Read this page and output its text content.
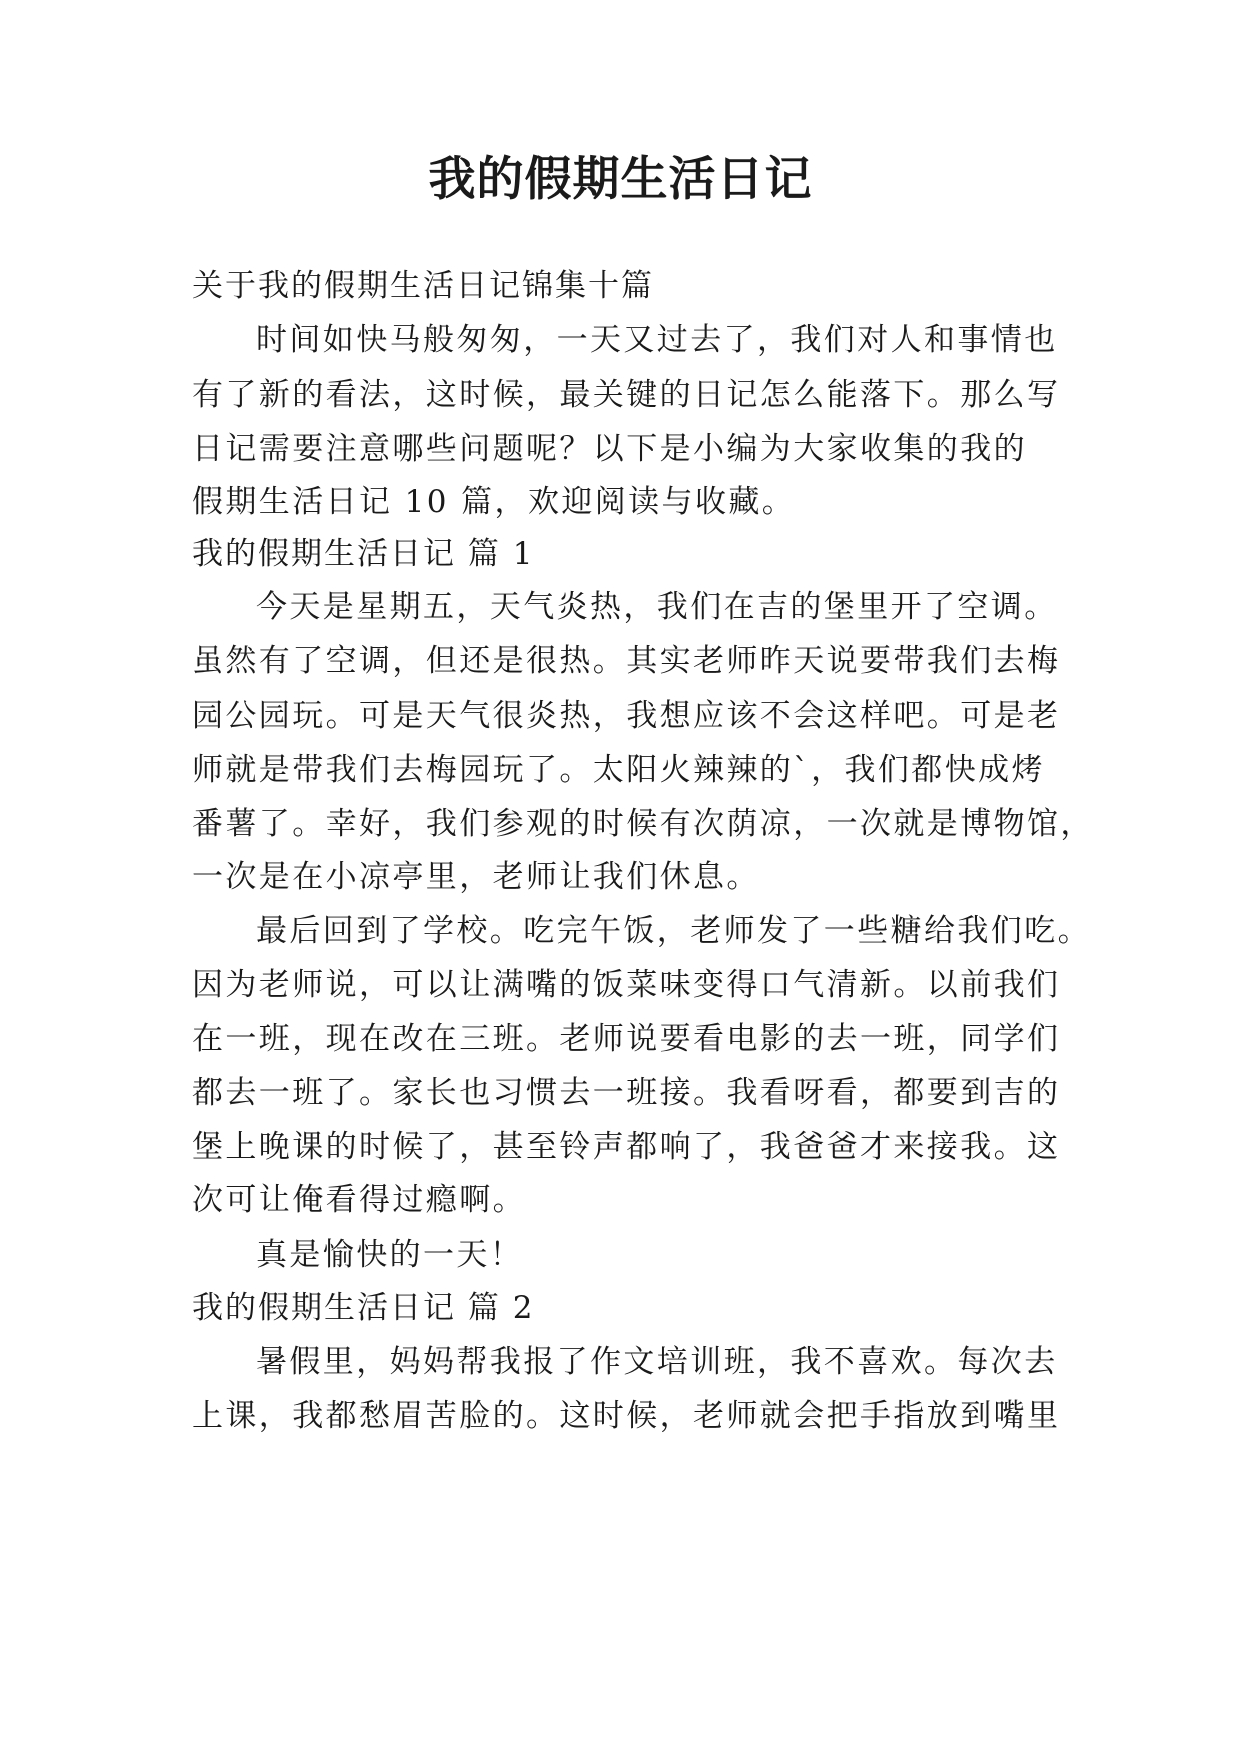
我的假期生活日记

关于我的假期生活日记锦集十篇

时间如快马般匆匆，一天又过去了，我们对人和事情也

有了新的看法，这时候，最关键的日记怎么能落下。那么写

日记需要注意哪些问题呢？以下是小编为大家收集的我的

假期生活日记 10 篇，欢迎阅读与收藏。

我的假期生活日记 篇 1

今天是星期五，天气炎热，我们在吉的堡里开了空调。

虽然有了空调，但还是很热。其实老师昨天说要带我们去梅

园公园玩。可是天气很炎热，我想应该不会这样吧。可是老

师就是带我们去梅园玩了。太阳火辣辣的`，我们都快成烤

番薯了。幸好，我们参观的时候有次荫凉，一次就是博物馆，

一次是在小凉亭里，老师让我们休息。

最后回到了学校。吃完午饭，老师发了一些糖给我们吃。

因为老师说，可以让满嘴的饭菜味变得口气清新。以前我们

在一班，现在改在三班。老师说要看电影的去一班，同学们

都去一班了。家长也习惯去一班接。我看呀看，都要到吉的

堡上晚课的时候了，甚至铃声都响了，我爸爸才来接我。这

次可让俺看得过瘾啊。

真是愉快的一天！

我的假期生活日记 篇 2

暑假里，妈妈帮我报了作文培训班，我不喜欢。每次去

上课，我都愁眉苦脸的。这时候，老师就会把手指放到嘴里
